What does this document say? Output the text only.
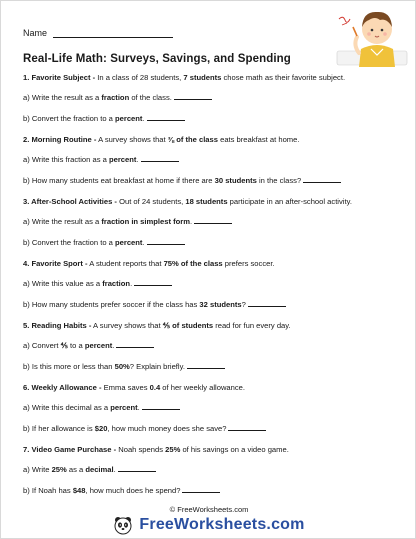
Name
Real-Life Math: Surveys, Savings, and Spending
1. Favorite Subject - In a class of 28 students, 7 students chose math as their favorite subject.
a) Write the result as a fraction of the class.
b) Convert the fraction to a percent.
2. Morning Routine - A survey shows that ⅜ of the class eats breakfast at home.
a) Write this fraction as a percent.
b) How many students eat breakfast at home if there are 30 students in the class?
3. After-School Activities - Out of 24 students, 18 students participate in an after-school activity.
a) Write the result as a fraction in simplest form.
b) Convert the fraction to a percent.
4. Favorite Sport - A student reports that 75% of the class prefers soccer.
a) Write this value as a fraction.
b) How many students prefer soccer if the class has 32 students?
5. Reading Habits - A survey shows that ⅘ of students read for fun every day.
a) Convert ⅘ to a percent.
b) Is this more or less than 50%? Explain briefly.
6. Weekly Allowance - Emma saves 0.4 of her weekly allowance.
a) Write this decimal as a percent.
b) If her allowance is $20, how much money does she save?
7. Video Game Purchase - Noah spends 25% of his savings on a video game.
a) Write 25% as a decimal.
b) If Noah has $48, how much does he spend?
© FreeWorksheets.com
FreeWorksheets.com
